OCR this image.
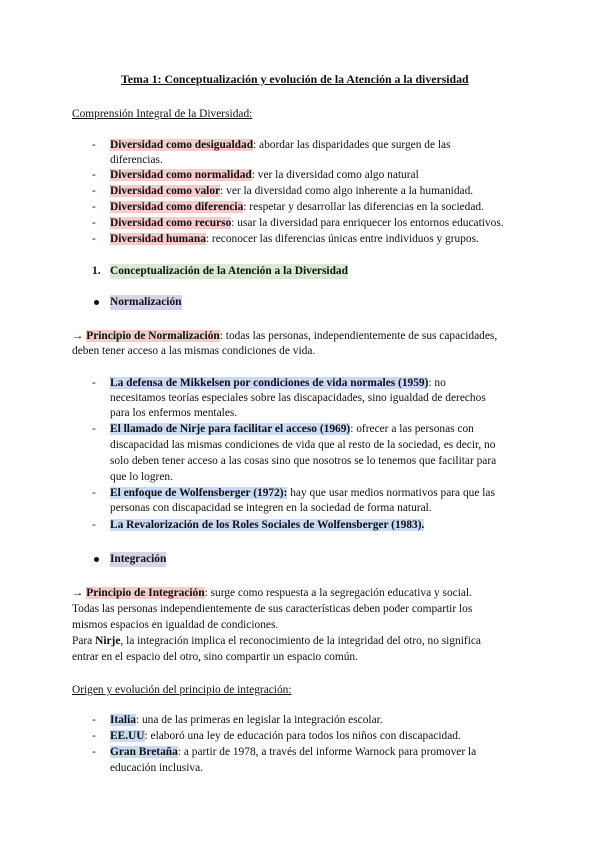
Tema 1: Conceptualización y evolución de la Atención a la diversidad
Comprensión Integral de la Diversidad:
- Diversidad como desigualdad: abordar las disparidades que surgen de las
diferencias.
- Diversidad como normalidad: ver la diversidad como algo natural
- Diversidad como valor: ver la diversidad como algo inherente a la humanidad.
- Diversidad como diferencia: respetar y desarrollar las diferencias en la sociedad.
- Diversidad como recurso: usar la diversidad para enriquecer los entornos educativos.
- Diversidad humana: reconocer las diferencias únicas entre individuos y grupos.
1. Conceptualización de la Atención a la Diversidad
Normalización
→ Principio de Normalización: todas las personas, independientemente de sus capacidades,
deben tener acceso a las mismas condiciones de vida.
- La defensa de Mikkelsen por condiciones de vida normales (1959): no
necesitamos teorías especiales sobre las discapacidades, sino igualdad de derechos
para los enfermos mentales.
- El llamado de Nirje para facilitar el acceso (1969): ofrecer a las personas con
discapacidad las mismas condiciones de vida que al resto de la sociedad, es decir, no
solo deben tener acceso a las cosas sino que nosotros se lo tenemos que facilitar para
que lo logren.
- El enfoque de Wolfensberger (1972): hay que usar medios normativos para que las
personas con discapacidad se integren en la sociedad de forma natural.
- La Revalorización de los Roles Sociales de Wolfensberger (1983).
Integración
→ Principio de Integración: surge como respuesta a la segregación educativa y social.
Todas las personas independientemente de sus características deben poder compartir los
mismos espacios en igualdad de condiciones.
Para Nirje, la integración implica el reconocimiento de la integridad del otro, no significa
entrar en el espacio del otro, sino compartir un espacio común.
Origen y evolución del principio de integración:
- Italia: una de las primeras en legislar la integración escolar.
- EE.UU: elaboró una ley de educación para todos los niños con discapacidad.
- Gran Bretaña: a partir de 1978, a través del informe Warnock para promover la
educación inclusiva.
